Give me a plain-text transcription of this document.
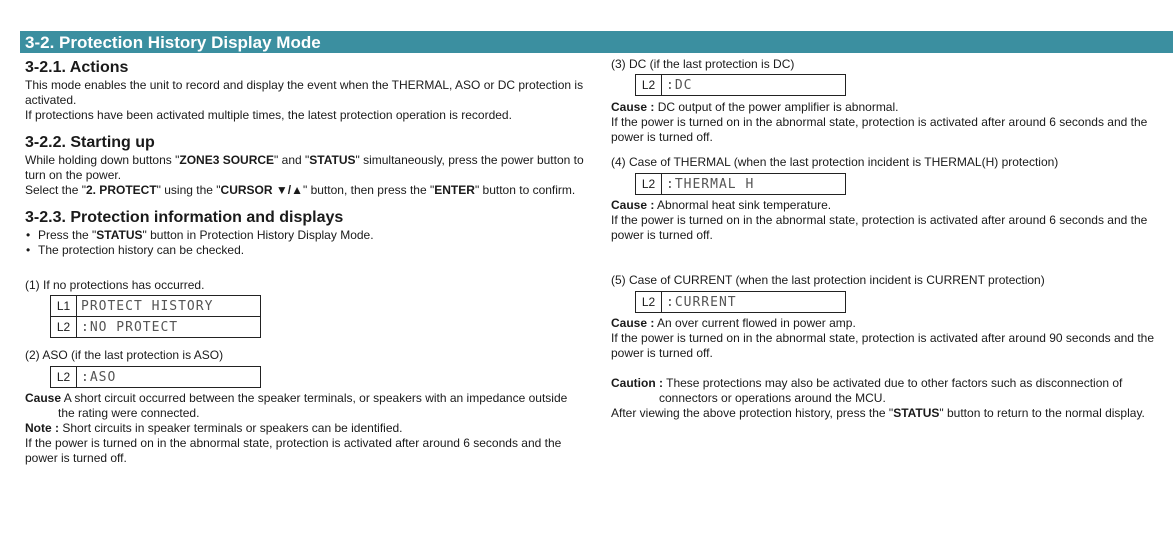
3-2. Protection History Display Mode
3-2.1. Actions
This mode enables the unit to record and display the event when the THERMAL, ASO or DC protection is activated.
If protections have been activated multiple times, the latest protection operation is recorded.
3-2.2. Starting up
While holding down buttons "ZONE3 SOURCE" and "STATUS" simultaneously, press the power button to turn on the power.
Select the "2. PROTECT" using the "CURSOR ▼/▲" button, then press the "ENTER" button to confirm.
3-2.3. Protection information and displays
• Press the "STATUS" button in Protection History Display Mode.
• The protection history can be checked.
(1) If no protections has occurred.
L1	PROTECT HISTORY
L2	:NO PROTECT
(2) ASO (if the last protection is ASO)
L2	:ASO
Cause A short circuit occurred between the speaker terminals, or speakers with an impedance outside
the rating were connected.
Note : Short circuits in speaker terminals or speakers can be identified.
If the power is turned on in the abnormal state, protection is activated after around 6 seconds and the power is turned off.
(3) DC (if the last protection is DC)
L2	:DC
Cause : DC output of the power amplifier is abnormal.
If the power is turned on in the abnormal state, protection is activated after around 6 seconds and the power is turned off.
(4) Case of THERMAL (when the last protection incident is THERMAL(H) protection)
L2	:THERMAL H
Cause : Abnormal heat sink temperature.
If the power is turned on in the abnormal state, protection is activated after around 6 seconds and the power is turned off.
(5) Case of CURRENT (when the last protection incident is CURRENT protection)
L2	:CURRENT
Cause : An over current flowed in power amp.
If the power is turned on in the abnormal state, protection is activated after around 90 seconds and the power is turned off.
Caution : These protections may also be activated due to other factors such as disconnection of
connectors or operations around the MCU.
After viewing the above protection history, press the "STATUS" button to return to the normal display.
